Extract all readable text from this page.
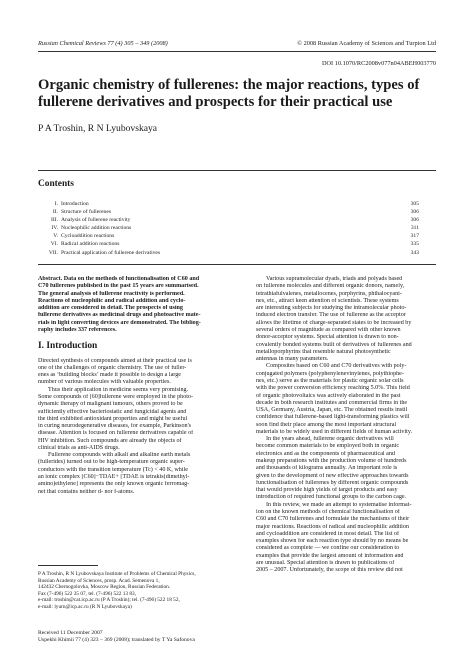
Russian Chemical Reviews 77 (4) 305 – 349 (2008)	© 2008 Russian Academy of Sciences and Turpion Ltd
DOI 10.1070/RC2008v077n04ABEH003770
Organic chemistry of fullerenes: the major reactions, types of fullerene derivatives and prospects for their practical use
P A Troshin, R N Lyubovskaya
Contents
I. Introduction	305
II. Structure of fullerenes	306
III. Analysis of fullerene reactivity	306
IV. Nucleophilic addition reactions	311
V. Cycloaddition reactions	317
VI. Radical addition reactions	335
VII. Practical application of fullerene derivatives	343
Abstract. Data on the methods of functionalisation of C60 and
C70 fullerenes published in the past 15 years are summarised.
The general analysis of fullerene reactivity is performed.
Reactions of nucleophilic and radical addition and cyclo-
addition are considered in detail. The prospects of using
fullerene derivatives as medicinal drugs and photoactive mate-
rials in light converting devices are demonstrated. The bibliog-
raphy includes 337 references.
I. Introduction
Directed synthesis of compounds aimed at their practical use is
one of the challenges of organic chemistry. The use of fuller-
enes as ‘building blocks’ made it possible to design a large
number of various molecules with valuable properties.
Thus their application in medicine seems very promising.
Some compounds of [60]fullerene were employed in the photo-
dynamic therapy of malignant tumours, others proved to be
sufficiently effective bacteriostatic and fungicidal agents and
the third exhibited antioxidant properties and might be useful
in curing neurodegenerative diseases, for example, Parkinson's
disease. Attention is focused on fullerene derivatives capable of
HIV inhibition. Such compounds are already the objects of
clinical trials as anti-AIDS drugs.
Fullerene compounds with alkali and alkaline earth metals
(fullerides) turned out to be high-temperature organic super-
conductors with the transition temperature (Tc) < 40 K, while
an ionic complex [C60]−TDAE+ [TDAE is tetrakis(dimethyl-
amino)ethylene] represents the only known organic ferromag-
net that contains neither d- nor f-atoms.
P A Troshin, R N Lyubovskaya Institute of Problems of Chemical Physics,
Russian Academy of Sciences, prosp. Acad. Semenova 1,
142432 Chernogolovka, Moscow Region, Russian Federation.
Fax (7-496) 522 35 07, tel. (7-496) 522 13 83,
e-mail: troshin@cat.icp.ac.ru (P A Troshin); tel. (7-496) 522 18 52,
e-mail: lyurn@icp.ac.ru (R N Lyubovskaya)
Received 11 December 2007
Uspekhi Khimii 77 (4) 323 – 369 (2008); translated by T Ya Safonova
Various supramolecular dyads, triads and polyads based
on fullerene molecules and different organic donors, namely,
tetrathiafulvalenes, metallocenes, porphyrins, phthalocyani-
nes, etc., attract keen attention of scientists. These systems
are interesting subjects for studying the intramolecular photo-
induced electron transfer. The use of fullerene as the acceptor
allows the lifetime of charge-separated states to be increased by
several orders of magnitude as compared with other known
donor-acceptor systems. Special attention is drawn to non-
covalently bonded systems built of derivatives of fullerenes and
metalloporphyrins that resemble natural photosynthetic
antennas in many parameters.
Composites based on C60 and C70 derivatives with poly-
conjugated polymers (polyphenylenevinylenes, polythiophe-
nes, etc.) serve as the materials for plastic organic solar cells
with the power conversion efficiency reaching 5.0%. This field
of organic photovoltaics was actively elaborated in the past
decade in both research institutes and commercial firms in the
USA, Germany, Austria, Japan, etc. The obtained results instil
confidence that fullerene-based light-transforming plastics will
soon find their place among the most important structural
materials to be widely used in different fields of human activity.
In the years ahead, fullerene organic derivatives will
become common materials to be employed both in organic
electronics and as the components of pharmaceutical and
makeup preparations with the production volume of hundreds
and thousands of kilograms annually. An important role is
given to the development of new effective approaches towards
functionalisation of fullerenes by different organic compounds
that would provide high yields of target products and easy
introduction of required functional groups to the carbon cage.
In this review, we made an attempt to systematise informat-
ion on the known methods of chemical functionalisation of
C60 and C70 fullerenes and formulate the mechanisms of their
major reactions. Reactions of radical and nucleophilic addition
and cycloaddition are considered in most detail. The list of
examples shown for each reaction type should by no means be
considered as complete — we confine our consideration to
examples that provide the largest amount of information and
are unusual. Special attention is drawn to publications of
2005 – 2007. Unfortunately, the scope of this review did not
